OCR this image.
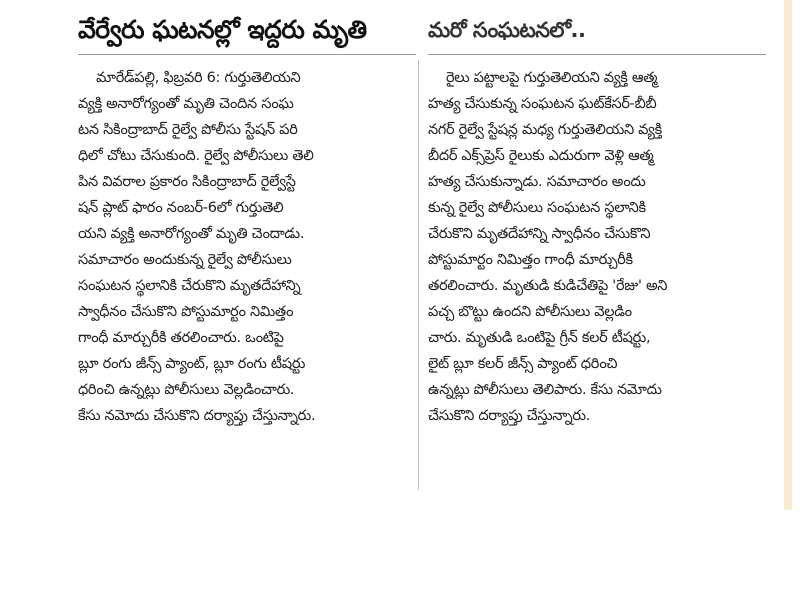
వేర్వేరు ఘటనల్లో ఇద్దరు మృతి
మారేడ్‌పల్లి, ఫిబ్రవరి 6: గుర్తుతెలియని
వ్యక్తి అనారోగ్యంతో మృతి చెందిన సంఘ
టన సికింద్రాబాద్ రైల్వే పోలీసు స్టేషన్ పరి
ధిలో చోటు చేసుకుంది. రైల్వే పోలీసులు తెలి
పిన వివరాల ప్రకారం సికింద్రాబాద్ రైల్వేస్టే
షన్ ప్లాట్ ఫారం నంబర్-6లో గుర్తుతెలి
యని వ్యక్తి అనారోగ్యంతో మృతి చెందాడు.
సమాచారం అందుకున్న రైల్వే పోలీసులు
సంఘటన స్థలానికి చేరుకొని మృతదేహాన్ని
స్వాధీనం చేసుకొని పోస్టుమార్టం నిమిత్తం
గాంధీ మార్చురీకి తరలించారు. ఒంటిపై
బ్లూ రంగు జీన్స్ ప్యాంట్, బ్లూ రంగు టీషర్టు
ధరించి ఉన్నట్లు పోలీసులు వెల్లడించారు.
కేసు నమోదు చేసుకొని దర్యాప్తు చేస్తున్నారు.
మరో సంఘటనలో..
రైలు పట్టాలపై గుర్తుతెలియని వ్యక్తి ఆత్మ
హత్య చేసుకున్న సంఘటన ఘట్‌కేసర్-బీబీ
నగర్ రైల్వే స్టేషన్ల మధ్య గుర్తుతెలియని వ్యక్తి
బీదర్ ఎక్స్‌ప్రెస్ రైలుకు ఎదురుగా వెళ్లి ఆత్మ
హత్య చేసుకున్నాడు. సమాచారం అందు
కున్న రైల్వే పోలీసులు సంఘటన స్థలానికి
చేరుకొని మృతదేహాన్ని స్వాధీనం చేసుకొని
పోస్టుమార్టం నిమిత్తం గాంధీ మార్చురీకి
తరలించారు. మృతుడి కుడిచేతిపై 'రేజు' అని
పచ్చ బొట్టు ఉందని పోలీసులు వెల్లడిం
చారు. మృతుడి ఒంటిపై గ్రీన్ కలర్ టీషర్టు,
లైట్ బ్లూ కలర్ జీన్స్ ప్యాంట్ ధరించి
ఉన్నట్లు పోలీసులు తెలిపారు. కేసు నమోదు
చేసుకొని దర్యాప్తు చేస్తున్నారు.
